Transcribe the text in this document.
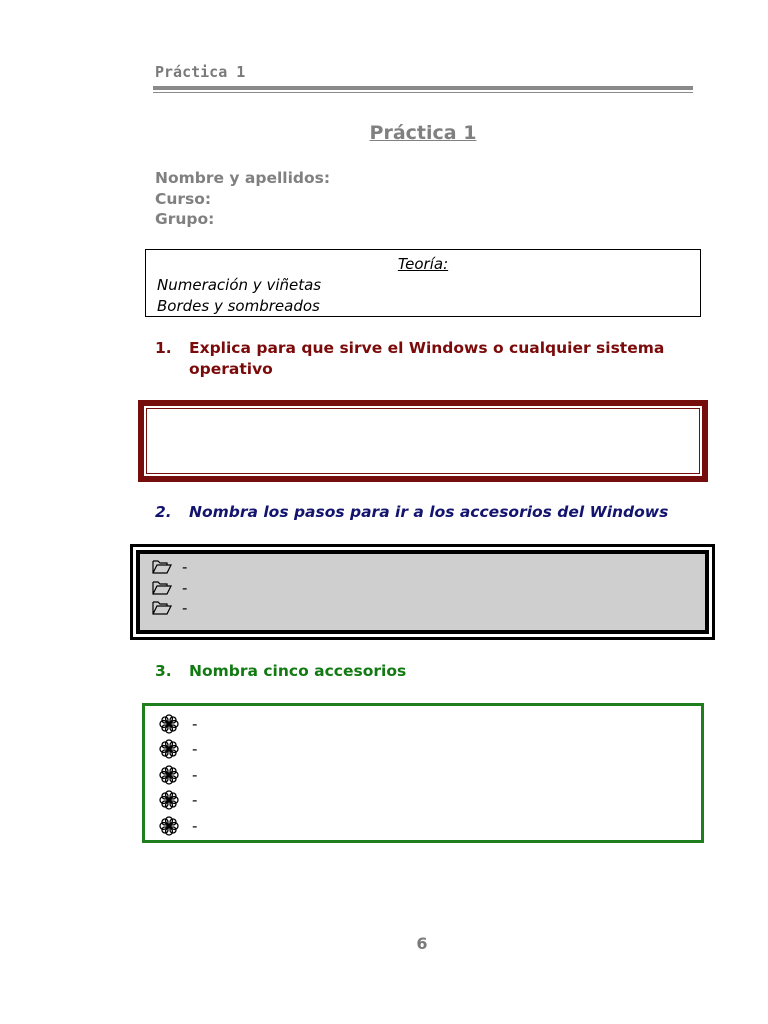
Práctica 1
Práctica 1
Nombre y apellidos:
Curso:
Grupo:
Teoría:
Numeración y viñetas
Bordes y sombreados
1. Explica para que sirve el Windows o cualquier sistema operativo
2. Nombra los pasos para ir a los accesorios del Windows
-
-
-
3. Nombra cinco accesorios
-
-
-
-
-
6
